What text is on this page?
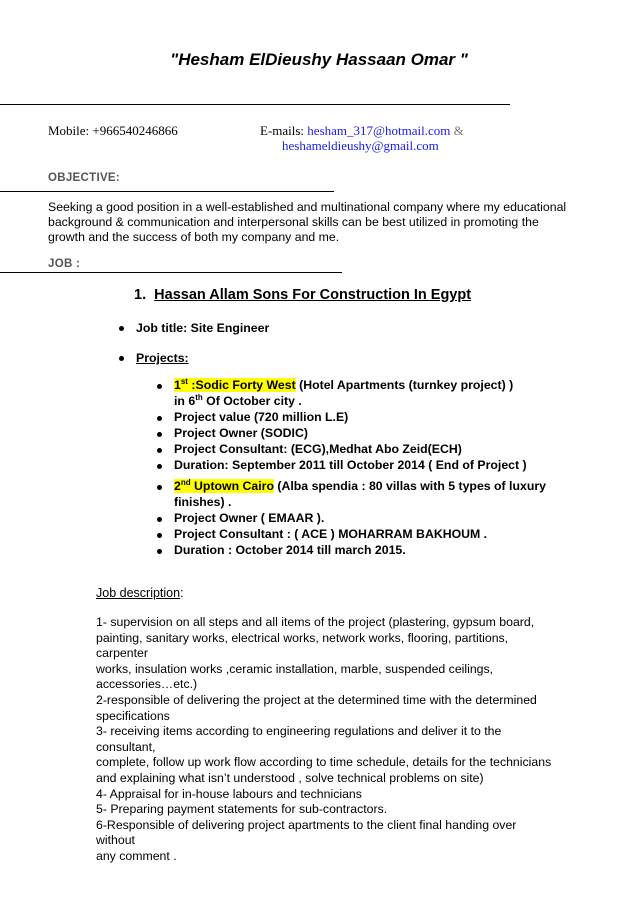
"Hesham ElDieushy Hassaan Omar "
Mobile: +966540246866	E-mails: hesham_317@hotmail.com &
heshameldieushy@gmail.com
OBJECTIVE:
Seeking a good position in a well-established and multinational company where my educational
background & communication and interpersonal skills can be best utilized in promoting the
growth and the success of both my company and me.
JOB :
1. Hassan Allam Sons For Construction In Egypt
Job title: Site Engineer
Projects:
1st :Sodic Forty West (Hotel Apartments (turnkey project) )
in 6th Of October city .
Project value (720 million L.E)
Project Owner (SODIC)
Project Consultant: (ECG),Medhat Abo Zeid(ECH)
Duration: September 2011 till October 2014 ( End of Project )
2nd Uptown Cairo (Alba spendia : 80 villas with 5 types of luxury
finishes) .
Project Owner ( EMAAR ).
Project Consultant : ( ACE ) MOHARRAM BAKHOUM .
Duration : October 2014 till march 2015.
Job description:
1- supervision on all steps and all items of the project (plastering, gypsum board,
painting, sanitary works, electrical works, network works, flooring, partitions, carpenter
works, insulation works ,ceramic installation, marble, suspended ceilings,
accessories…etc.)
2-responsible of delivering the project at the determined time with the determined
specifications
3- receiving items according to engineering regulations and deliver it to the consultant,
complete, follow up work flow according to time schedule, details for the technicians
and explaining what isn’t understood , solve technical problems on site)
4- Appraisal for in-house labours and technicians
5- Preparing payment statements for sub-contractors.
6-Responsible of delivering project apartments to the client final handing over without
any comment .
